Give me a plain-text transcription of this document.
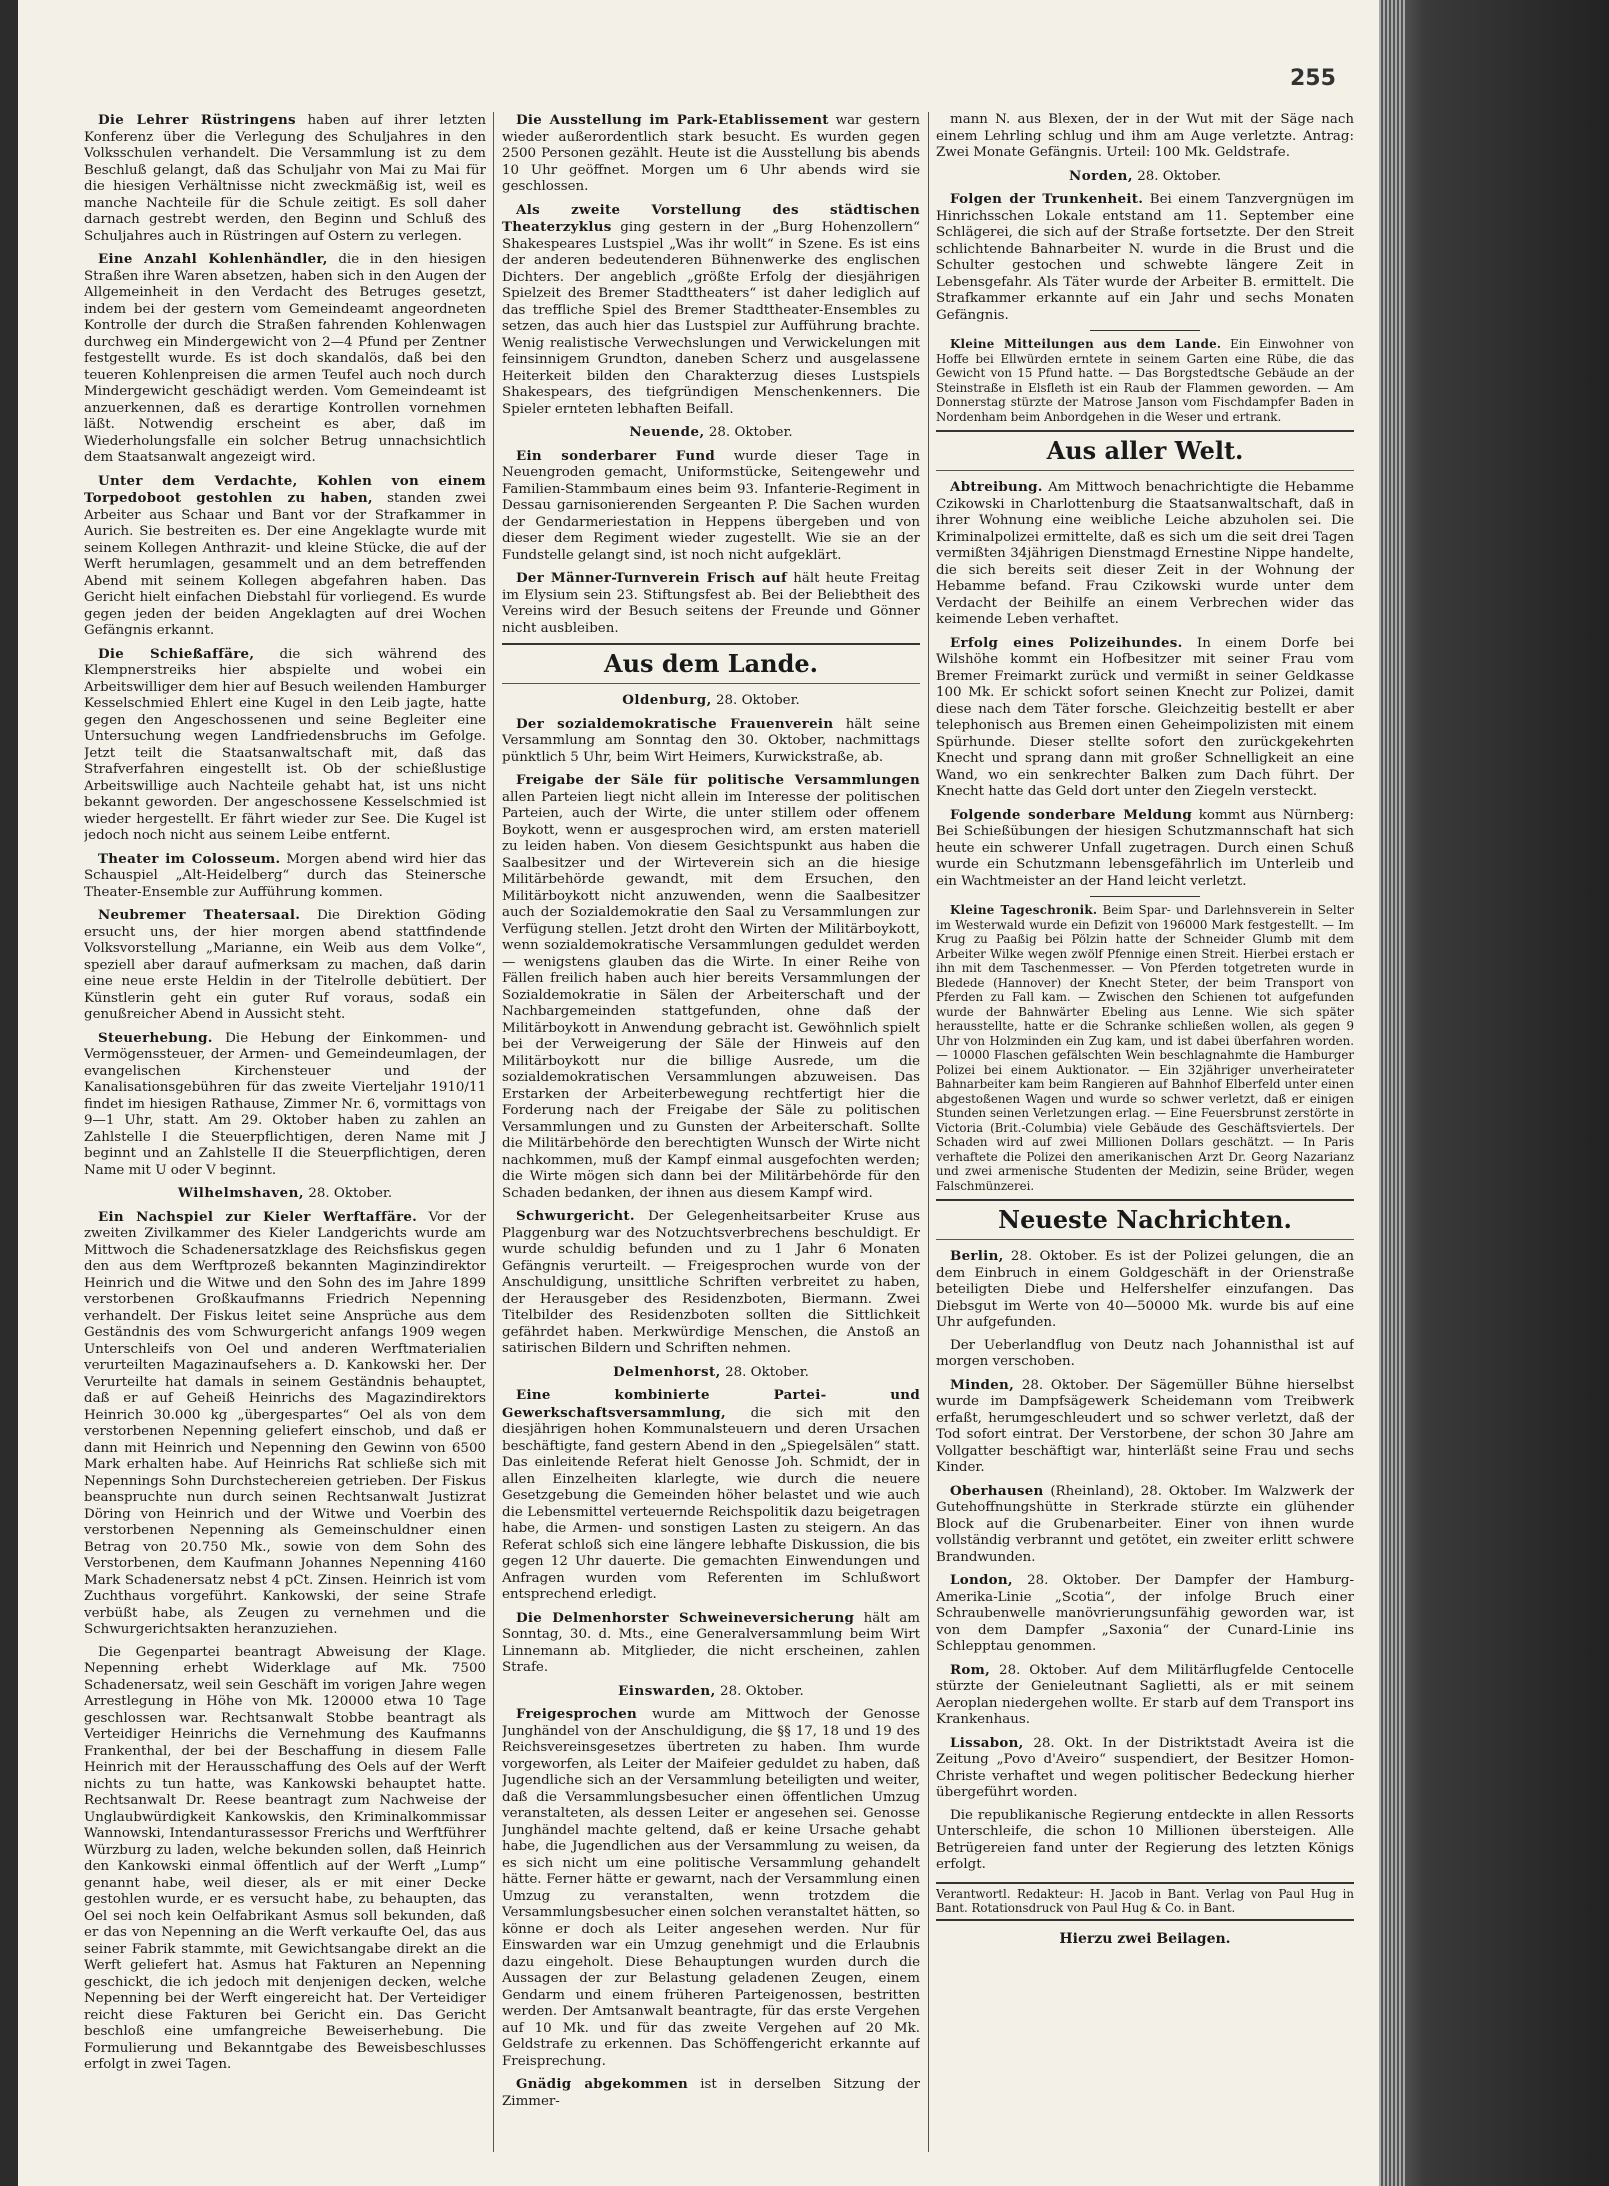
255

Die Lehrer Rüstringens haben auf ihrer letzten Konferenz über die Verlegung des Schuljahres in den Volksschulen verhandelt. Die Versammlung ist zu dem Beschluß gelangt, daß das Schuljahr von Mai zu Mai für die hiesigen Verhältnisse nicht zweckmäßig ist, weil es manche Nachteile für die Schule zeitigt. Es soll daher darnach gestrebt werden, den Beginn und Schluß des Schuljahres auch in Rüstringen auf Ostern zu verlegen.

Eine Anzahl Kohlenhändler, die in den hiesigen Straßen ihre Waren absetzen, haben sich in den Augen der Allgemeinheit in den Verdacht des Betruges gesetzt, indem bei der gestern vom Gemeindeamt angeordneten Kontrolle der durch die Straßen fahrenden Kohlenwagen durchweg ein Mindergewicht von 2—4 Pfund per Zentner festgestellt wurde. Es ist doch skandalös, daß bei den teueren Kohlenpreisen die armen Teufel auch noch durch Mindergewicht geschädigt werden. Vom Gemeindeamt ist anzuerkennen, daß es derartige Kontrollen vornehmen läßt. Notwendig erscheint es aber, daß im Wiederholungsfalle ein solcher Betrug unnachsichtlich dem Staatsanwalt angezeigt wird.

Unter dem Verdachte, Kohlen von einem Torpedoboot gestohlen zu haben, standen zwei Arbeiter aus Schaar und Bant vor der Strafkammer in Aurich. Sie bestreiten es. Der eine Angeklagte wurde mit seinem Kollegen Anthrazit- und kleine Stücke, die auf der Werft herumlagen, gesammelt und an dem betreffenden Abend mit seinem Kollegen abgefahren haben. Das Gericht hielt einfachen Diebstahl für vorliegend. Es wurde gegen jeden der beiden Angeklagten auf drei Wochen Gefängnis erkannt.

Die Schießaffäre, die sich während des Klempnerstreiks hier abspielte und wobei ein Arbeitswilliger dem hier auf Besuch weilenden Hamburger Kesselschmied Ehlert eine Kugel in den Leib jagte, hatte gegen den Angeschossenen und seine Begleiter eine Untersuchung wegen Landfriedensbruchs im Gefolge. Jetzt teilt die Staatsanwaltschaft mit, daß das Strafverfahren eingestellt ist. Ob der schießlustige Arbeitswillige auch Nachteile gehabt hat, ist uns nicht bekannt geworden. Der angeschossene Kesselschmied ist wieder hergestellt. Er fährt wieder zur See. Die Kugel ist jedoch noch nicht aus seinem Leibe entfernt.

Theater im Colosseum. Morgen abend wird hier das Schauspiel „Alt-Heidelberg“ durch das Steinersche Theater-Ensemble zur Aufführung kommen.

Neubremer Theatersaal. Die Direktion Göding ersucht uns, der hier morgen abend stattfindende Volksvorstellung „Marianne, ein Weib aus dem Volke“, speziell aber darauf aufmerksam zu machen, daß darin eine neue erste Heldin in der Titelrolle debütiert. Der Künstlerin geht ein guter Ruf voraus, sodaß ein genußreicher Abend in Aussicht steht.

Steuerhebung. Die Hebung der Einkommen- und Vermögenssteuer, der Armen- und Gemeindeumlagen, der evangelischen Kirchensteuer und der Kanalisationsgebühren für das zweite Vierteljahr 1910/11 findet im hiesigen Rathause, Zimmer Nr. 6, vormittags von 9—1 Uhr, statt. Am 29. Oktober haben zu zahlen an Zahlstelle I die Steuerpflichtigen, deren Name mit J beginnt und an Zahlstelle II die Steuerpflichtigen, deren Name mit U oder V beginnt.

Wilhelmshaven, 28. Oktober.

Ein Nachspiel zur Kieler Werftaffäre. Vor der zweiten Zivilkammer des Kieler Landgerichts wurde am Mittwoch die Schadenersatzklage des Reichsfiskus gegen den aus dem Werftprozeß bekannten Maginzindirektor Heinrich und die Witwe und den Sohn des im Jahre 1899 verstorbenen Großkaufmanns Friedrich Nepenning verhandelt. Der Fiskus leitet seine Ansprüche aus dem Geständnis des vom Schwurgericht anfangs 1909 wegen Unterschleifs von Oel und anderen Werftmaterialien verurteilten Magazinaufsehers a. D. Kankowski her. Der Verurteilte hat damals in seinem Geständnis behauptet, daß er auf Geheiß Heinrichs des Magazindirektors Heinrich 30.000 kg „übergespartes“ Oel als von dem verstorbenen Nepenning geliefert einschob, und daß er dann mit Heinrich und Nepenning den Gewinn von 6500 Mark erhalten habe. Auf Heinrichs Rat schließe sich mit Nepennings Sohn Durchstechereien getrieben. Der Fiskus beanspruchte nun durch seinen Rechtsanwalt Justizrat Döring von Heinrich und der Witwe und Voerbin des verstorbenen Nepenning als Gemeinschuldner einen Betrag von 20.750 Mk., sowie von dem Sohn des Verstorbenen, dem Kaufmann Johannes Nepenning 4160 Mark Schadenersatz nebst 4 pCt. Zinsen. Heinrich ist vom Zuchthaus vorgeführt. Kankowski, der seine Strafe verbüßt habe, als Zeugen zu vernehmen und die Schwurgerichtsakten heranzuziehen.

Die Gegenpartei beantragt Abweisung der Klage. Nepenning erhebt Widerklage auf Mk. 7500 Schadenersatz, weil sein Geschäft im vorigen Jahre wegen Arrestlegung in Höhe von Mk. 120000 etwa 10 Tage geschlossen war. Rechtsanwalt Stobbe beantragt als Verteidiger Heinrichs die Vernehmung des Kaufmanns Frankenthal, der bei der Beschaffung in diesem Falle Heinrich mit der Herausschaffung des Oels auf der Werft nichts zu tun hatte, was Kankowski behauptet hatte. Rechtsanwalt Dr. Reese beantragt zum Nachweise der Unglaubwürdigkeit Kankowskis, den Kriminalkommissar Wannowski, Intendanturassessor Frerichs und Werftführer Würzburg zu laden, welche bekunden sollen, daß Heinrich den Kankowski einmal öffentlich auf der Werft „Lump“ genannt habe, weil dieser, als er mit einer Decke gestohlen wurde, er es versucht habe, zu behaupten, das Oel sei noch kein Oelfabrikant Asmus soll bekunden, daß er das von Nepenning an die Werft verkaufte Oel, das aus seiner Fabrik stammte, mit Gewichtsangabe direkt an die Werft geliefert hat. Asmus hat Fakturen an Nepenning geschickt, die ich jedoch mit denjenigen decken, welche Nepenning bei der Werft eingereicht hat. Der Verteidiger reicht diese Fakturen bei Gericht ein. Das Gericht beschloß eine umfangreiche Beweiserhebung. Die Formulierung und Bekanntgabe des Beweisbeschlusses erfolgt in zwei Tagen.

Die Ausstellung im Park-Etablissement war gestern wieder außerordentlich stark besucht. Es wurden gegen 2500 Personen gezählt. Heute ist die Ausstellung bis abends 10 Uhr geöffnet. Morgen um 6 Uhr abends wird sie geschlossen.

Als zweite Vorstellung des städtischen Theaterzyklus ging gestern in der „Burg Hohenzollern“ Shakespeares Lustspiel „Was ihr wollt“ in Szene. Es ist eins der anderen bedeutenderen Bühnenwerke des englischen Dichters. Der angeblich „größte Erfolg der diesjährigen Spielzeit des Bremer Stadttheaters“ ist daher lediglich auf das treffliche Spiel des Bremer Stadttheater-Ensembles zu setzen, das auch hier das Lustspiel zur Aufführung brachte. Wenig realistische Verwechslungen und Verwickelungen mit feinsinnigem Grundton, daneben Scherz und ausgelassene Heiterkeit bilden den Charakterzug dieses Lustspiels Shakespears, des tiefgründigen Menschenkenners. Die Spieler ernteten lebhaften Beifall.

Neuende, 28. Oktober.

Ein sonderbarer Fund wurde dieser Tage in Neuengroden gemacht, Uniformstücke, Seitengewehr und Familien-Stammbaum eines beim 93. Infanterie-Regiment in Dessau garnisonierenden Sergeanten P. Die Sachen wurden der Gendarmeriestation in Heppens übergeben und von dieser dem Regiment wieder zugestellt. Wie sie an der Fundstelle gelangt sind, ist noch nicht aufgeklärt.

Der Männer-Turnverein Frisch auf hält heute Freitag im Elysium sein 23. Stiftungsfest ab. Bei der Beliebtheit des Vereins wird der Besuch seitens der Freunde und Gönner nicht ausbleiben.

Aus dem Lande.

Oldenburg, 28. Oktober.

Der sozialdemokratische Frauenverein hält seine Versammlung am Sonntag den 30. Oktober, nachmittags pünktlich 5 Uhr, beim Wirt Heimers, Kurwickstraße, ab.

Freigabe der Säle für politische Versammlungen allen Parteien liegt nicht allein im Interesse der politischen Parteien, auch der Wirte, die unter stillem oder offenem Boykott, wenn er ausgesprochen wird, am ersten materiell zu leiden haben. Von diesem Gesichtspunkt aus haben die Saalbesitzer und der Wirteverein sich an die hiesige Militärbehörde gewandt, mit dem Ersuchen, den Militärboykott nicht anzuwenden, wenn die Saalbesitzer auch der Sozialdemokratie den Saal zu Versammlungen zur Verfügung stellen. Jetzt droht den Wirten der Militärboykott, wenn sozialdemokratische Versammlungen geduldet werden — wenigstens glauben das die Wirte. In einer Reihe von Fällen freilich haben auch hier bereits Versammlungen der Sozialdemokratie in Sälen der Arbeiterschaft und der Nachbargemeinden stattgefunden, ohne daß der Militärboykott in Anwendung gebracht ist. Gewöhnlich spielt bei der Verweigerung der Säle der Hinweis auf den Militärboykott nur die billige Ausrede, um die sozialdemokratischen Versammlungen abzuweisen. Das Erstarken der Arbeiterbewegung rechtfertigt hier die Forderung nach der Freigabe der Säle zu politischen Versammlungen und zu Gunsten der Arbeiterschaft. Sollte die Militärbehörde den berechtigten Wunsch der Wirte nicht nachkommen, muß der Kampf einmal ausgefochten werden; die Wirte mögen sich dann bei der Militärbehörde für den Schaden bedanken, der ihnen aus diesem Kampf wird.

Schwurgericht. Der Gelegenheitsarbeiter Kruse aus Plaggenburg war des Notzuchtsverbrechens beschuldigt. Er wurde schuldig befunden und zu 1 Jahr 6 Monaten Gefängnis verurteilt. — Freigesprochen wurde von der Anschuldigung, unsittliche Schriften verbreitet zu haben, der Herausgeber des Residenzboten, Biermann. Zwei Titelbilder des Residenzboten sollten die Sittlichkeit gefährdet haben. Merkwürdige Menschen, die Anstoß an satirischen Bildern und Schriften nehmen.

Delmenhorst, 28. Oktober.

Eine kombinierte Partei- und Gewerkschaftsversammlung, die sich mit den diesjährigen hohen Kommunalsteuern und deren Ursachen beschäftigte, fand gestern Abend in den „Spiegelsälen“ statt. Das einleitende Referat hielt Genosse Joh. Schmidt, der in allen Einzelheiten klarlegte, wie durch die neuere Gesetzgebung die Gemeinden höher belastet und wie auch die Lebensmittel verteuernde Reichspolitik dazu beigetragen habe, die Armen- und sonstigen Lasten zu steigern. An das Referat schloß sich eine längere lebhafte Diskussion, die bis gegen 12 Uhr dauerte. Die gemachten Einwendungen und Anfragen wurden vom Referenten im Schlußwort entsprechend erledigt.

Die Delmenhorster Schweineversicherung hält am Sonntag, 30. d. Mts., eine Generalversammlung beim Wirt Linnemann ab. Mitglieder, die nicht erscheinen, zahlen Strafe.

Einswarden, 28. Oktober.

Freigesprochen wurde am Mittwoch der Genosse Junghändel von der Anschuldigung, die §§ 17, 18 und 19 des Reichsvereinsgesetzes übertreten zu haben. Ihm wurde vorgeworfen, als Leiter der Maifeier geduldet zu haben, daß Jugendliche sich an der Versammlung beteiligten und weiter, daß die Versammlungsbesucher einen öffentlichen Umzug veranstalteten, als dessen Leiter er angesehen sei. Genosse Junghändel machte geltend, daß er keine Ursache gehabt habe, die Jugendlichen aus der Versammlung zu weisen, da es sich nicht um eine politische Versammlung gehandelt hätte. Ferner hätte er gewarnt, nach der Versammlung einen Umzug zu veranstalten, wenn trotzdem die Versammlungsbesucher einen solchen veranstaltet hätten, so könne er doch als Leiter angesehen werden. Nur für Einswarden war ein Umzug genehmigt und die Erlaubnis dazu eingeholt. Diese Behauptungen wurden durch die Aussagen der zur Belastung geladenen Zeugen, einem Gendarm und einem früheren Parteigenossen, bestritten werden. Der Amtsanwalt beantragte, für das erste Vergehen auf 10 Mk. und für das zweite Vergehen auf 20 Mk. Geldstrafe zu erkennen. Das Schöffengericht erkannte auf Freisprechung.

Gnädig abgekommen ist in derselben Sitzung der Zimmer-

mann N. aus Blexen, der in der Wut mit der Säge nach einem Lehrling schlug und ihm am Auge verletzte. Antrag: Zwei Monate Gefängnis. Urteil: 100 Mk. Geldstrafe.

Norden, 28. Oktober.

Folgen der Trunkenheit. Bei einem Tanzvergnügen im Hinrichsschen Lokale entstand am 11. September eine Schlägerei, die sich auf der Straße fortsetzte. Der den Streit schlichtende Bahnarbeiter N. wurde in die Brust und die Schulter gestochen und schwebte längere Zeit in Lebensgefahr. Als Täter wurde der Arbeiter B. ermittelt. Die Strafkammer erkannte auf ein Jahr und sechs Monaten Gefängnis.

Kleine Mitteilungen aus dem Lande. Ein Einwohner von Hoffe bei Ellwürden erntete in seinem Garten eine Rübe, die das Gewicht von 15 Pfund hatte. — Das Borgstedtsche Gebäude an der Steinstraße in Elsfleth ist ein Raub der Flammen geworden. — Am Donnerstag stürzte der Matrose Janson vom Fischdampfer Baden in Nordenham beim Anbordgehen in die Weser und ertrank.

Aus aller Welt.

Abtreibung. Am Mittwoch benachrichtigte die Hebamme Czikowski in Charlottenburg die Staatsanwaltschaft, daß in ihrer Wohnung eine weibliche Leiche abzuholen sei. Die Kriminalpolizei ermittelte, daß es sich um die seit drei Tagen vermißten 34jährigen Dienstmagd Ernestine Nippe handelte, die sich bereits seit dieser Zeit in der Wohnung der Hebamme befand. Frau Czikowski wurde unter dem Verdacht der Beihilfe an einem Verbrechen wider das keimende Leben verhaftet.

Erfolg eines Polizeihundes. In einem Dorfe bei Wilshöhe kommt ein Hofbesitzer mit seiner Frau vom Bremer Freimarkt zurück und vermißt in seiner Geldkasse 100 Mk. Er schickt sofort seinen Knecht zur Polizei, damit diese nach dem Täter forsche. Gleichzeitig bestellt er aber telephonisch aus Bremen einen Geheimpolizisten mit einem Spürhunde. Dieser stellte sofort den zurückgekehrten Knecht und sprang dann mit großer Schnelligkeit an eine Wand, wo ein senkrechter Balken zum Dach führt. Der Knecht hatte das Geld dort unter den Ziegeln versteckt.

Folgende sonderbare Meldung kommt aus Nürnberg: Bei Schießübungen der hiesigen Schutzmannschaft hat sich heute ein schwerer Unfall zugetragen. Durch einen Schuß wurde ein Schutzmann lebensgefährlich im Unterleib und ein Wachtmeister an der Hand leicht verletzt.

Kleine Tageschronik. Beim Spar- und Darlehnsverein in Selter im Westerwald wurde ein Defizit von 196000 Mark festgestellt. — Im Krug zu Paaßig bei Pölzin hatte der Schneider Glumb mit dem Arbeiter Wilke wegen zwölf Pfennige einen Streit. Hierbei erstach er ihn mit dem Taschenmesser. — Von Pferden totgetreten wurde in Bledede (Hannover) der Knecht Steter, der beim Transport von Pferden zu Fall kam. — Zwischen den Schienen tot aufgefunden wurde der Bahnwärter Ebeling aus Lenne. Wie sich später herausstellte, hatte er die Schranke schließen wollen, als gegen 9 Uhr von Holzminden ein Zug kam, und ist dabei überfahren worden. — 10000 Flaschen gefälschten Wein beschlagnahmte die Hamburger Polizei bei einem Auktionator. — Ein 32jähriger unverheirateter Bahnarbeiter kam beim Rangieren auf Bahnhof Elberfeld unter einen abgestoßenen Wagen und wurde so schwer verletzt, daß er einigen Stunden seinen Verletzungen erlag. — Eine Feuersbrunst zerstörte in Victoria (Brit.-Columbia) viele Gebäude des Geschäftsviertels. Der Schaden wird auf zwei Millionen Dollars geschätzt. — In Paris verhaftete die Polizei den amerikanischen Arzt Dr. Georg Nazarianz und zwei armenische Studenten der Medizin, seine Brüder, wegen Falschmünzerei.

Neueste Nachrichten.

Berlin, 28. Oktober. Es ist der Polizei gelungen, die an dem Einbruch in einem Goldgeschäft in der Orienstraße beteiligten Diebe und Helfershelfer einzufangen. Das Diebsgut im Werte von 40—50000 Mk. wurde bis auf eine Uhr aufgefunden.

Der Ueberlandflug von Deutz nach Johannisthal ist auf morgen verschoben.

Minden, 28. Oktober. Der Sägemüller Bühne hierselbst wurde im Dampfsägewerk Scheidemann vom Treibwerk erfaßt, herumgeschleudert und so schwer verletzt, daß der Tod sofort eintrat. Der Verstorbene, der schon 30 Jahre am Vollgatter beschäftigt war, hinterläßt seine Frau und sechs Kinder.

Oberhausen (Rheinland), 28. Oktober. Im Walzwerk der Gutehoffnungshütte in Sterkrade stürzte ein glühender Block auf die Grubenarbeiter. Einer von ihnen wurde vollständig verbrannt und getötet, ein zweiter erlitt schwere Brandwunden.

London, 28. Oktober. Der Dampfer der Hamburg-Amerika-Linie „Scotia“, der infolge Bruch einer Schraubenwelle manövrierungsunfähig geworden war, ist von dem Dampfer „Saxonia“ der Cunard-Linie ins Schlepptau genommen.

Rom, 28. Oktober. Auf dem Militärflugfelde Centocelle stürzte der Genieleutnant Saglietti, als er mit seinem Aeroplan niedergehen wollte. Er starb auf dem Transport ins Krankenhaus.

Lissabon, 28. Okt. In der Distriktstadt Aveira ist die Zeitung „Povo d'Aveiro“ suspendiert, der Besitzer Homon-Christe verhaftet und wegen politischer Bedeckung hierher übergeführt worden.

Die republikanische Regierung entdeckte in allen Ressorts Unterschleife, die schon 10 Millionen übersteigen. Alle Betrügereien fand unter der Regierung des letzten Königs erfolgt.

Verantwortl. Redakteur: H. Jacob in Bant. Verlag von Paul Hug in Bant. Rotationsdruck von Paul Hug & Co. in Bant.

Hierzu zwei Beilagen.
